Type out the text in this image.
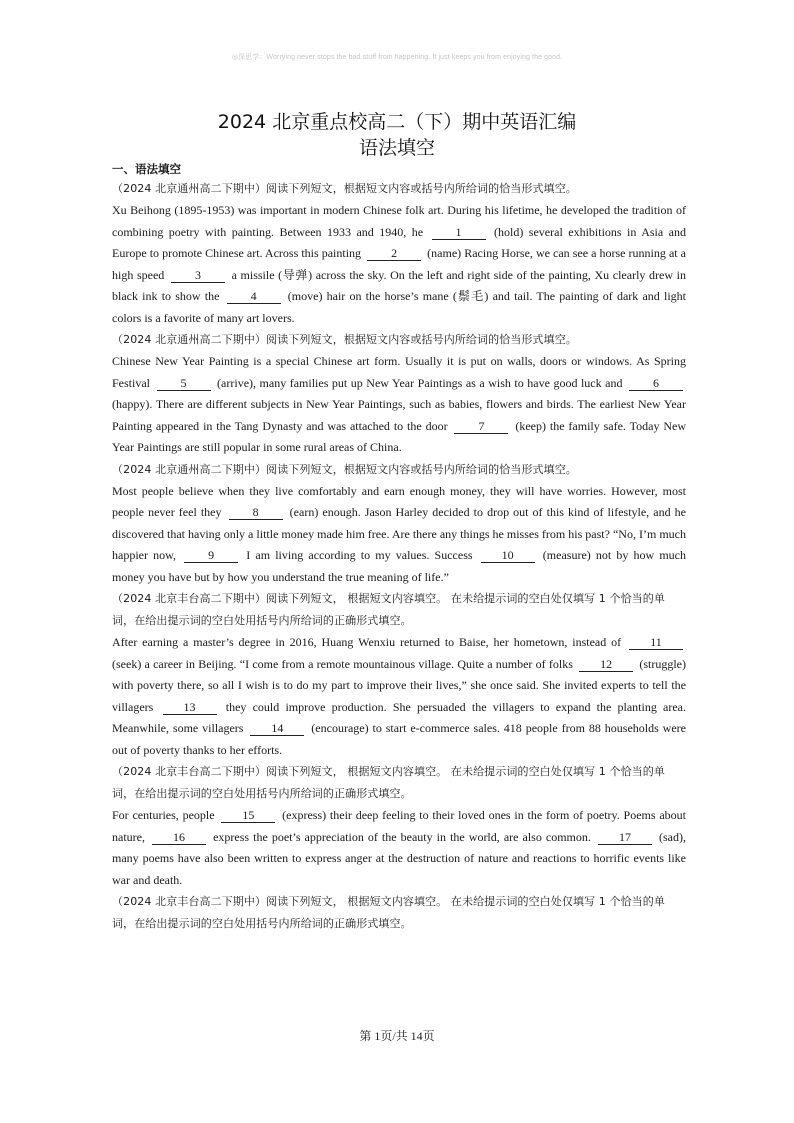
◎深思学：Worrying never stops the bad stuff from happening. It just keeps you from enjoying the good.
2024 北京重点校高二（下）期中英语汇编
语法填空

一、语法填空

（2024 北京通州高二下期中）阅读下列短文，根据短文内容或括号内所给词的恰当形式填空。

Xu Beihong (1895-1953) was important in modern Chinese folk art. During his lifetime, he developed the tradition of combining poetry with painting. Between 1933 and 1940, he 1 (hold) several exhibitions in Asia and Europe to promote Chinese art. Across this painting 2 (name) Racing Horse, we can see a horse running at a high speed 3 a missile (导弹) across the sky. On the left and right side of the painting, Xu clearly drew in black ink to show the 4 (move) hair on the horse’s mane (鬃毛) and tail. The painting of dark and light colors is a favorite of many art lovers.

（2024 北京通州高二下期中）阅读下列短文，根据短文内容或括号内所给词的恰当形式填空。

Chinese New Year Painting is a special Chinese art form. Usually it is put on walls, doors or windows. As Spring Festival 5 (arrive), many families put up New Year Paintings as a wish to have good luck and 6 (happy). There are different subjects in New Year Paintings, such as babies, flowers and birds. The earliest New Year Painting appeared in the Tang Dynasty and was attached to the door 7 (keep) the family safe. Today New Year Paintings are still popular in some rural areas of China.

（2024 北京通州高二下期中）阅读下列短文，根据短文内容或括号内所给词的恰当形式填空。

Most people believe when they live comfortably and earn enough money, they will have worries. However, most people never feel they 8 (earn) enough. Jason Harley decided to drop out of this kind of lifestyle, and he discovered that having only a little money made him free. Are there any things he misses from his past? “No, I’m much happier now, 9 I am living according to my values. Success 10 (measure) not by how much money you have but by how you understand the true meaning of life.”

（2024 北京丰台高二下期中）阅读下列短文， 根据短文内容填空。 在未给提示词的空白处仅填写 1 个恰当的单词，在给出提示词的空白处用括号内所给词的正确形式填空。

After earning a master’s degree in 2016, Huang Wenxiu returned to Baise, her hometown, instead of 11 (seek) a career in Beijing. “I come from a remote mountainous village. Quite a number of folks 12 (struggle) with poverty there, so all I wish is to do my part to improve their lives,” she once said. She invited experts to tell the villagers 13 they could improve production. She persuaded the villagers to expand the planting area. Meanwhile, some villagers 14 (encourage) to start e-commerce sales. 418 people from 88 households were out of poverty thanks to her efforts.

（2024 北京丰台高二下期中）阅读下列短文， 根据短文内容填空。 在未给提示词的空白处仅填写 1 个恰当的单词，在给出提示词的空白处用括号内所给词的正确形式填空。

For centuries, people 15 (express) their deep feeling to their loved ones in the form of poetry. Poems about nature, 16 express the poet’s appreciation of the beauty in the world, are also common. 17 (sad), many poems have also been written to express anger at the destruction of nature and reactions to horrific events like war and death.

（2024 北京丰台高二下期中）阅读下列短文， 根据短文内容填空。 在未给提示词的空白处仅填写 1 个恰当的单词，在给出提示词的空白处用括号内所给词的正确形式填空。

第 1页/共 14页
